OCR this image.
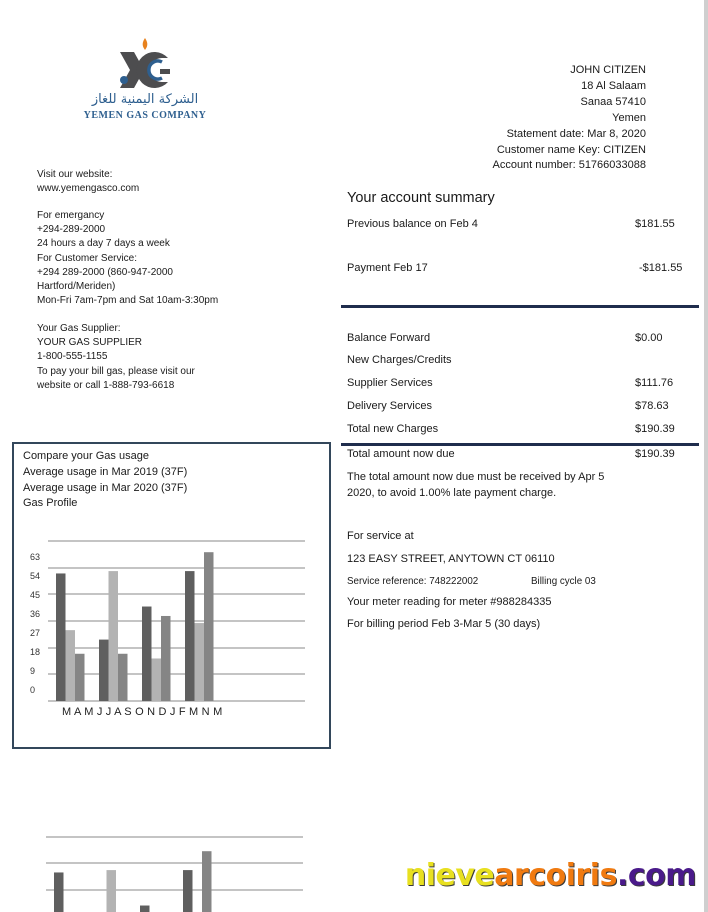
الشركة اليمنية للغاز
YEMEN GAS COMPANY
JOHN CITIZEN
18 Al Salaam
Sanaa 57410
Yemen
Statement date: Mar 8, 2020
Customer name Key: CITIZEN
Account number: 51766033088
Visit our website:
www.yemengasco.com
For emergancy
+294-289-2000
24 hours a day 7 days a week
For Customer Service:
+294 289-2000 (860-947-2000
Hartford/Meriden)
Mon-Fri 7am-7pm and Sat 10am-3:30pm
Your Gas Supplier:
YOUR GAS SUPPLIER
1-800-555-1155
To pay your bill gas, please visit our
website or call 1-888-793-6618
Your account summary
Previous balance on Feb 4	$181.55
Payment Feb 17	-$181.55
Balance Forward	$0.00
New Charges/Credits
Supplier Services	$111.76
Delivery Services	$78.63
Total new Charges	$190.39
Total amount now due	$190.39
The total amount now due must be received by Apr 5
2020, to avoid 1.00% late payment charge.
For service at
123 EASY STREET, ANYTOWN CT 06110
Service reference: 748222002	Billing cycle 03
Your meter reading for meter #988284335
For billing period Feb 3-Mar 5 (30 days)
Compare your Gas usage
Average usage in Mar 2019 (37F)
Average usage in Mar 2020 (37F)
Gas Profile
63
54
45
36
27
18
9
0
M A M J J A S O N D J F M N M
nievearcoiris.com
